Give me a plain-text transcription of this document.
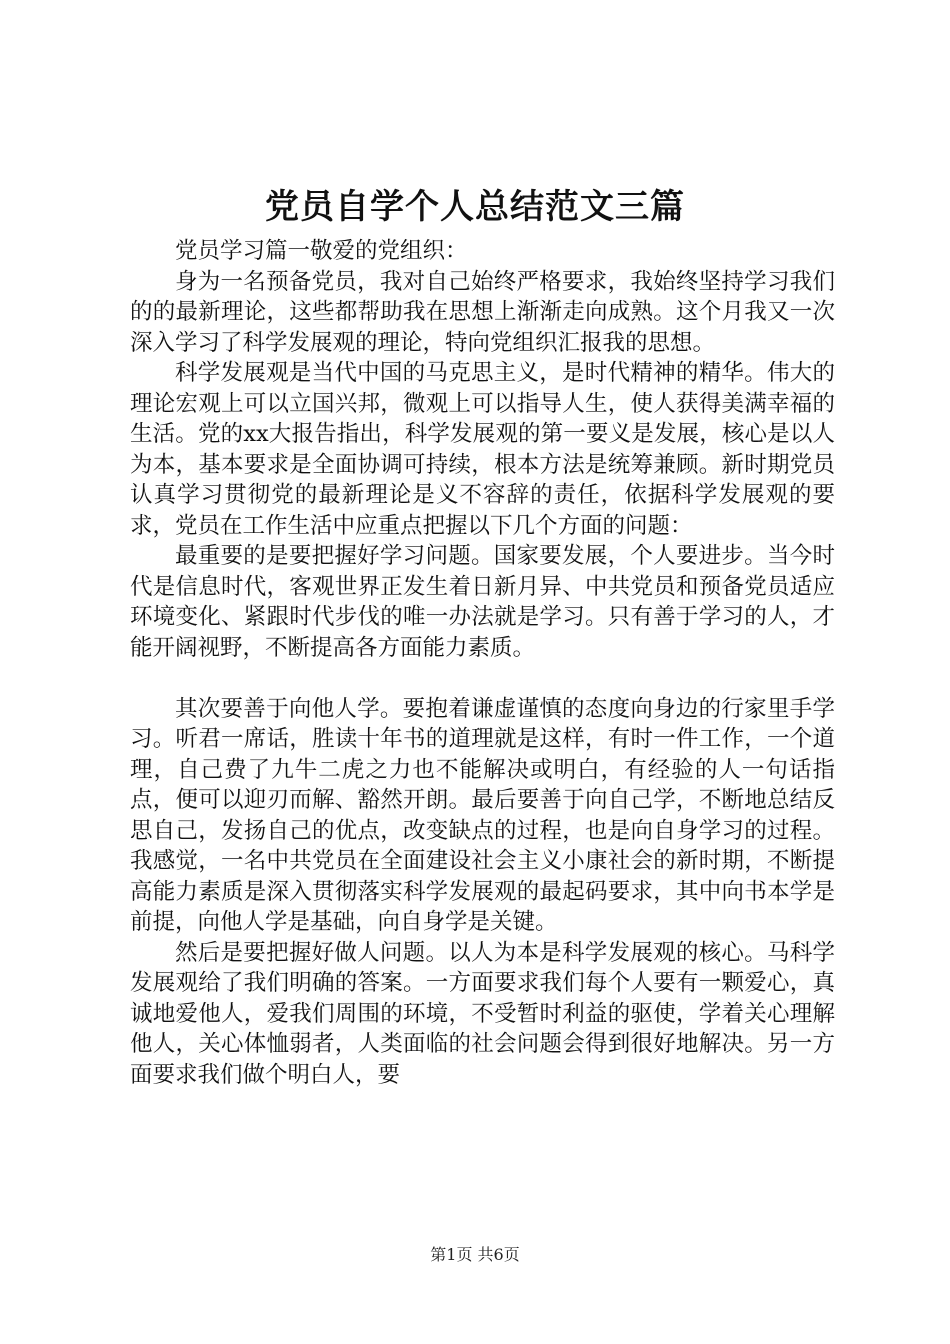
党员自学个人总结范文三篇

党员学习篇一敬爱的党组织：

身为一名预备党员，我对自己始终严格要求，我始终坚持学习我们的的最新理论，这些都帮助我在思想上渐渐走向成熟。这个月我又一次深入学习了科学发展观的理论，特向党组织汇报我的思想。

科学发展观是当代中国的马克思主义，是时代精神的精华。伟大的理论宏观上可以立国兴邦，微观上可以指导人生，使人获得美满幸福的生活。党的xx大报告指出，科学发展观的第一要义是发展，核心是以人为本，基本要求是全面协调可持续，根本方法是统筹兼顾。新时期党员认真学习贯彻党的最新理论是义不容辞的责任，依据科学发展观的要求，党员在工作生活中应重点把握以下几个方面的问题：

最重要的是要把握好学习问题。国家要发展，个人要进步。当今时代是信息时代，客观世界正发生着日新月异、中共党员和预备党员适应环境变化、紧跟时代步伐的唯一办法就是学习。只有善于学习的人，才能开阔视野，不断提高各方面能力素质。

其次要善于向他人学。要抱着谦虚谨慎的态度向身边的行家里手学习。听君一席话，胜读十年书的道理就是这样，有时一件工作，一个道理，自己费了九牛二虎之力也不能解决或明白，有经验的人一句话指点，便可以迎刃而解、豁然开朗。最后要善于向自己学，不断地总结反思自己，发扬自己的优点，改变缺点的过程，也是向自身学习的过程。我感觉，一名中共党员在全面建设社会主义小康社会的新时期，不断提高能力素质是深入贯彻落实科学发展观的最起码要求，其中向书本学是前提，向他人学是基础，向自身学是关键。

然后是要把握好做人问题。以人为本是科学发展观的核心。马科学发展观给了我们明确的答案。一方面要求我们每个人要有一颗爱心，真诚地爱他人，爱我们周围的环境，不受暂时利益的驱使，学着关心理解他人，关心体恤弱者，人类面临的社会问题会得到很好地解决。另一方面要求我们做个明白人，要

第1页 共6页
